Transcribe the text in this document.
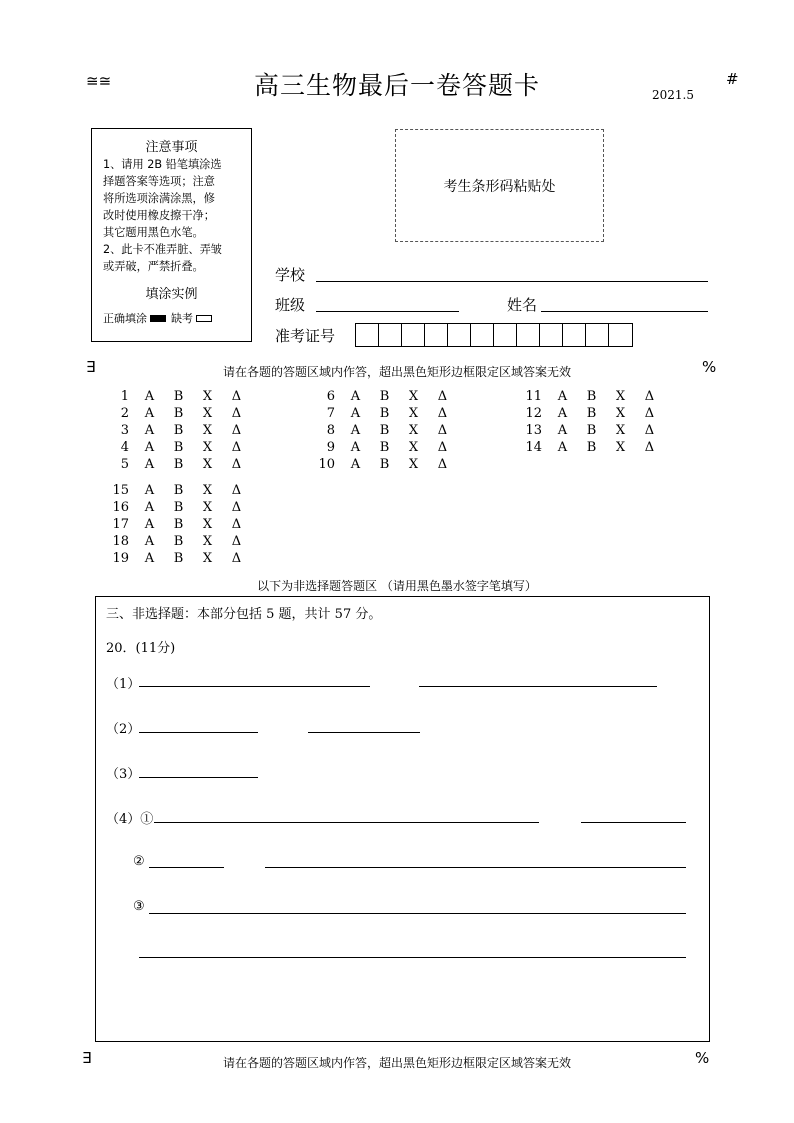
≅≅	高三生物最后一卷答题卡	2021.5
#
注意事项
1、请用 2B 铅笔填涂选
择题答案等选项；注意
将所选项涂满涂黑，修
改时使用橡皮擦干净；
其它题用黑色水笔。
2、此卡不准弄脏、弄皱
或弄破，严禁折叠。
填涂实例
正确填涂 缺考
考生条形码粘贴处
学校
班级	姓名
准考证号
∃	请在各题的答题区域内作答，超出黑色矩形边框限定区域答案无效	%
1 A B X Δ
2 A B X Δ
3 A B X Δ
4 A B X Δ
5 A B X Δ
6 A B X Δ
7 A B X Δ
8 A B X Δ
9 A B X Δ
10 A B X Δ
11 A B X Δ
12 A B X Δ
13 A B X Δ
14 A B X Δ
15 A B X Δ
16 A B X Δ
17 A B X Δ
18 A B X Δ
19 A B X Δ
以下为非选择题答题区 （请用黑色墨水签字笔填写）
三、非选择题：本部分包括 5 题，共计 57 分。
20．(11分)
（1）
（2）
（3）
（4）①
②
③
∃	请在各题的答题区域内作答，超出黑色矩形边框限定区域答案无效	%
